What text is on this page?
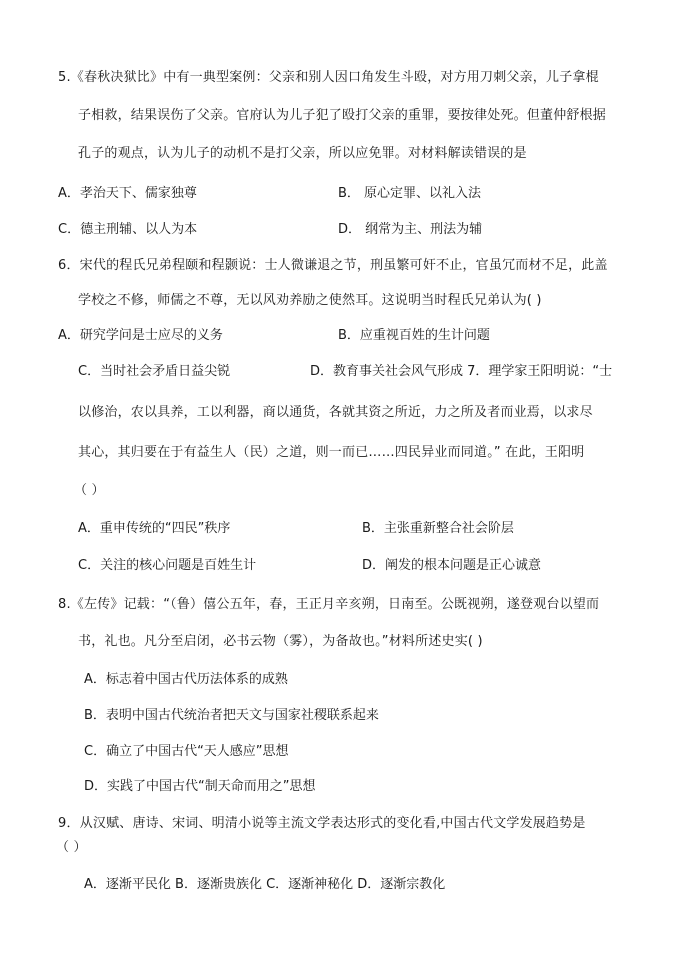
5.《春秋决狱比》中有一典型案例：父亲和别人因口角发生斗殴，对方用刀刺父亲，儿子拿棍
子相救，结果误伤了父亲。官府认为儿子犯了殴打父亲的重罪，要按律处死。但董仲舒根据
孔子的观点，认为儿子的动机不是打父亲，所以应免罪。对材料解读错误的是
A．孝治天下、儒家独尊	B． 原心定罪、以礼入法
C．德主刑辅、以人为本	D． 纲常为主、刑法为辅
6．宋代的程氏兄弟程颐和程颢说：士人微谦退之节，刑虽繁可奸不止，官虽冗而材不足，此盖
学校之不修，师儒之不尊，无以风劝养励之使然耳。这说明当时程氏兄弟认为( )
A．研究学问是士应尽的义务	B．应重视百姓的生计问题
C．当时社会矛盾日益尖锐	D．教育事关社会风气形成 7．理学家王阳明说：“士
以修治，农以具养，工以利器，商以通货，各就其资之所近，力之所及者而业焉，以求尽
其心，其归要在于有益生人（民）之道，则一而已……四民异业而同道。” 在此，王阳明
（ ）
A．重申传统的“四民”秩序	B．主张重新整合社会阶层
C．关注的核心问题是百姓生计	D．阐发的根本问题是正心诚意
8.《左传》记载：“（鲁）僖公五年，春，王正月辛亥朔，日南至。公既视朔，遂登观台以望而
书，礼也。凡分至启闭，必书云物（雾），为备故也。”材料所述史实( )
A．标志着中国古代历法体系的成熟
B．表明中国古代统治者把天文与国家社稷联系起来
C．确立了中国古代“天人感应”思想
D．实践了中国古代“制天命而用之”思想
9．从汉赋、唐诗、宋词、明清小说等主流文学表达形式的变化看,中国古代文学发展趋势是
（ ）
A．逐渐平民化 B．逐渐贵族化 C．逐渐神秘化 D．逐渐宗教化
